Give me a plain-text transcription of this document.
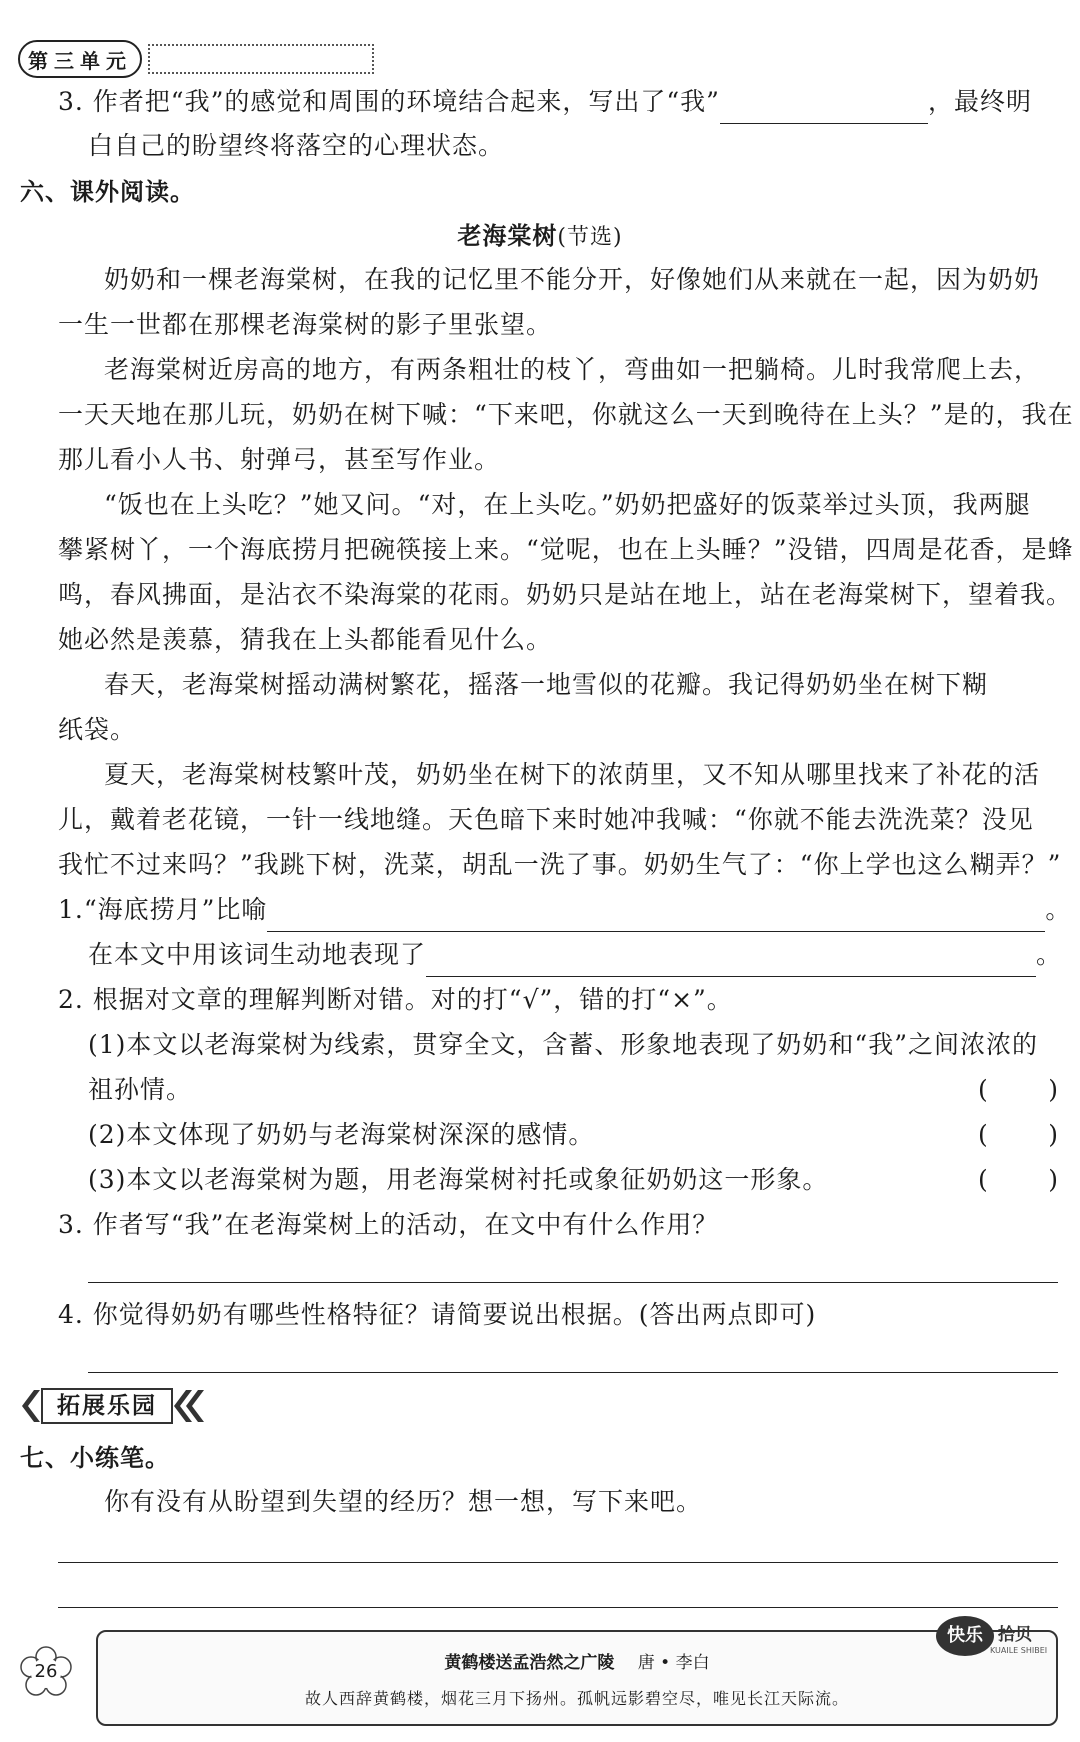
第三单元
3. 作者把“我”的感觉和周围的环境结合起来，写出了“我”	，最终明
白自己的盼望终将落空的心理状态。
六、课外阅读。
老海棠树(节选)
奶奶和一棵老海棠树，在我的记忆里不能分开，好像她们从来就在一起，因为奶奶
一生一世都在那棵老海棠树的影子里张望。
老海棠树近房高的地方，有两条粗壮的枝丫，弯曲如一把躺椅。儿时我常爬上去，
一天天地在那儿玩，奶奶在树下喊：“下来吧，你就这么一天到晚待在上头？”是的，我在
那儿看小人书、射弹弓，甚至写作业。
“饭也在上头吃？”她又问。“对，在上头吃。”奶奶把盛好的饭菜举过头顶，我两腿
攀紧树丫，一个海底捞月把碗筷接上来。“觉呢，也在上头睡？”没错，四周是花香，是蜂
鸣，春风拂面，是沾衣不染海棠的花雨。奶奶只是站在地上，站在老海棠树下，望着我。
她必然是羡慕，猜我在上头都能看见什么。
春天，老海棠树摇动满树繁花，摇落一地雪似的花瓣。我记得奶奶坐在树下糊
纸袋。
夏天，老海棠树枝繁叶茂，奶奶坐在树下的浓荫里，又不知从哪里找来了补花的活
儿，戴着老花镜，一针一线地缝。天色暗下来时她冲我喊：“你就不能去洗洗菜？没见
我忙不过来吗？”我跳下树，洗菜，胡乱一洗了事。奶奶生气了：“你上学也这么糊弄？”
1.“海底捞月”比喻	。
在本文中用该词生动地表现了	。
2. 根据对文章的理解判断对错。对的打“√”，错的打“×”。
(1)本文以老海棠树为线索，贯穿全文，含蓄、形象地表现了奶奶和“我”之间浓浓的
祖孙情。	( )
(2)本文体现了奶奶与老海棠树深深的感情。	( )
(3)本文以老海棠树为题，用老海棠树衬托或象征奶奶这一形象。	( )
3. 作者写“我”在老海棠树上的活动，在文中有什么作用？
4. 你觉得奶奶有哪些性格特征？请简要说出根据。(答出两点即可)
拓展乐园
七、小练笔。
你有没有从盼望到失望的经历？想一想，写下来吧。
26	黄鹤楼送孟浩然之广陵 唐 • 李白
故人西辞黄鹤楼，烟花三月下扬州。孤帆远影碧空尽，唯见长江天际流。
快乐 拾贝
KUAILE SHIBEI
